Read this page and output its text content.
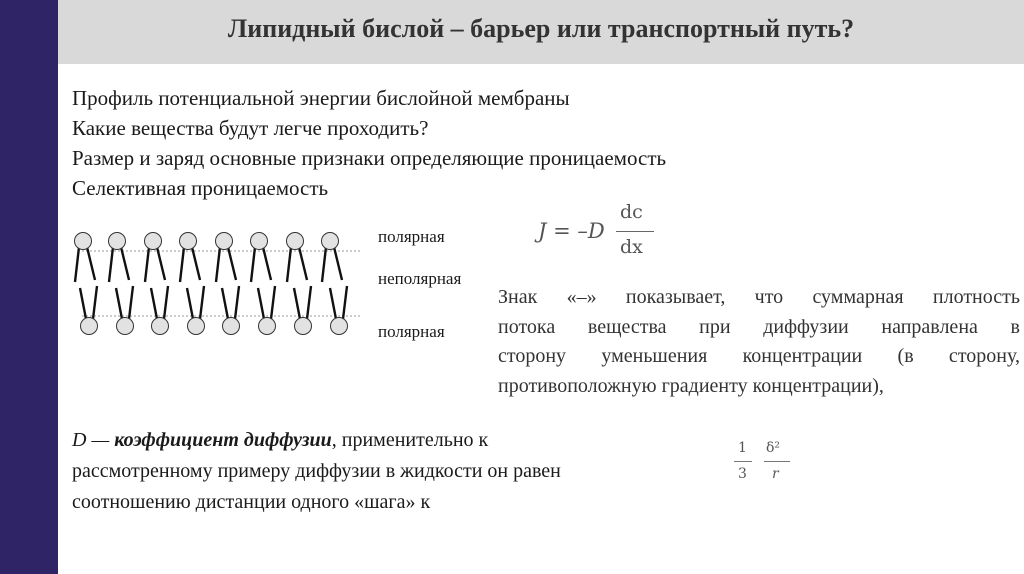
Липидный бислой – барьер или транспортный путь?
Профиль потенциальной энергии бислойной мембраны
Какие вещества будут легче проходить?
Размер и заряд основные признаки определяющие проницаемость
Селективная проницаемость
полярная
неполярная
полярная
J = –D
dc
dx
Знак «–» показывает, что суммарная плотность
потока вещества при диффузии направлена в
сторону уменьшения концентрации (в сторону,
противоположную градиенту концентрации),
D — коэффициент диффузии, применительно к
рассмотренному примеру диффузии в жидкости он равен
соотношению дистанции одного «шага» к
1
3
δ²
r
